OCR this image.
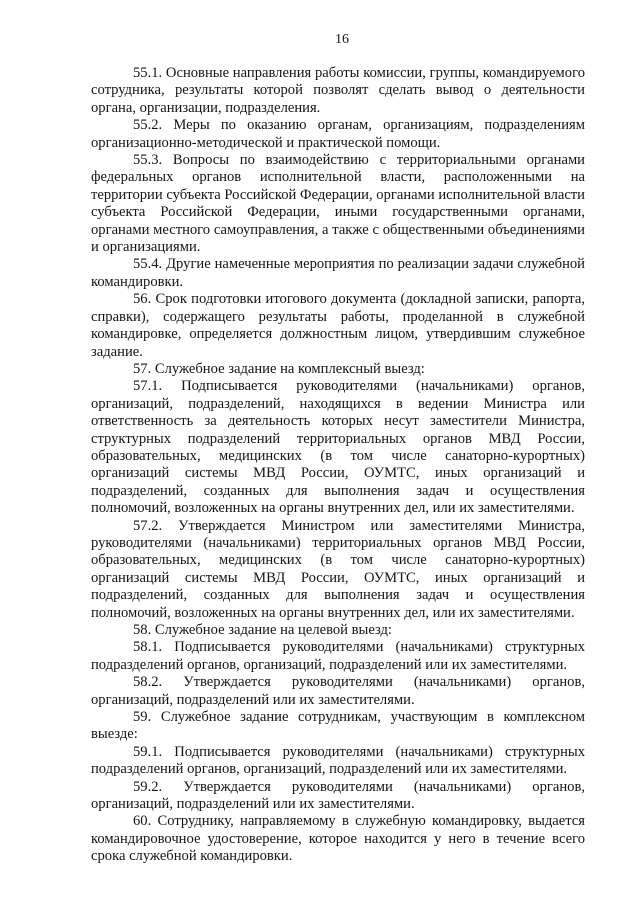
16

55.1. Основные направления работы комиссии, группы, командируемого сотрудника, результаты которой позволят сделать вывод о деятельности органа, организации, подразделения.

55.2. Меры по оказанию органам, организациям, подразделениям организационно-методической и практической помощи.

55.3. Вопросы по взаимодействию с территориальными органами федеральных органов исполнительной власти, расположенными на территории субъекта Российской Федерации, органами исполнительной власти субъекта Российской Федерации, иными государственными органами, органами местного самоуправления, а также с общественными объединениями и организациями.

55.4. Другие намеченные мероприятия по реализации задачи служебной командировки.

56. Срок подготовки итогового документа (докладной записки, рапорта, справки), содержащего результаты работы, проделанной в служебной командировке, определяется должностным лицом, утвердившим служебное задание.

57. Служебное задание на комплексный выезд:

57.1. Подписывается руководителями (начальниками) органов, организаций, подразделений, находящихся в ведении Министра или ответственность за деятельность которых несут заместители Министра, структурных подразделений территориальных органов МВД России, образовательных, медицинских (в том числе санаторно-курортных) организаций системы МВД России, ОУМТС, иных организаций и подразделений, созданных для выполнения задач и осуществления полномочий, возложенных на органы внутренних дел, или их заместителями.

57.2. Утверждается Министром или заместителями Министра, руководителями (начальниками) территориальных органов МВД России, образовательных, медицинских (в том числе санаторно-курортных) организаций системы МВД России, ОУМТС, иных организаций и подразделений, созданных для выполнения задач и осуществления полномочий, возложенных на органы внутренних дел, или их заместителями.

58. Служебное задание на целевой выезд:

58.1. Подписывается руководителями (начальниками) структурных подразделений органов, организаций, подразделений или их заместителями.

58.2. Утверждается руководителями (начальниками) органов, организаций, подразделений или их заместителями.

59. Служебное задание сотрудникам, участвующим в комплексном выезде:

59.1. Подписывается руководителями (начальниками) структурных подразделений органов, организаций, подразделений или их заместителями.

59.2. Утверждается руководителями (начальниками) органов, организаций, подразделений или их заместителями.

60. Сотруднику, направляемому в служебную командировку, выдается командировочное удостоверение, которое находится у него в течение всего срока служебной командировки.
